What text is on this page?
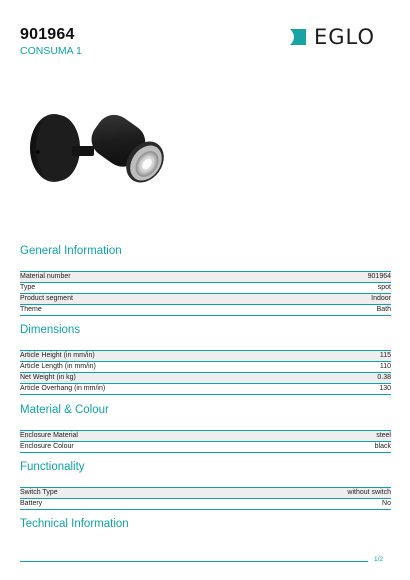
901964
CONSUMA 1
EGLO
General Information
Material number	901964
Type	spot
Product segment	Indoor
Theme	Bath
Dimensions
Article Height (in mm/in)	115
Article Length (in mm/in)	110
Net Weight (in kg)	0.38
Article Overhang (in mm/in)	130
Material & Colour
Enclosure Material	steel
Enclosure Colour	black
Functionality
Switch Type	without switch
Battery	No
Technical Information
1/2
